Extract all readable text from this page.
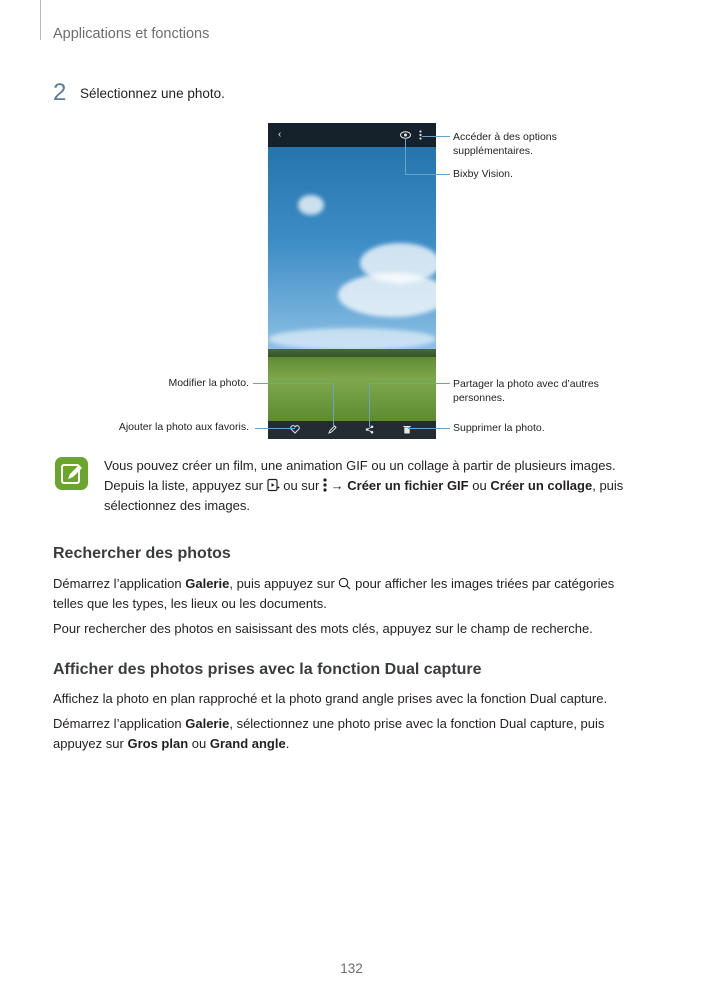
Applications et fonctions
2 Sélectionnez une photo.
‹	Accéder à des options supplémentaires.
Bixby Vision.
Modifier la photo.	Partager la photo avec d’autres personnes.
Ajouter la photo aux favoris.	Supprimer la photo.
Vous pouvez créer un film, une animation GIF ou un collage à partir de plusieurs images.
Depuis la liste, appuyez sur ou sur → Créer un fichier GIF ou Créer un collage, puis
sélectionnez des images.
Rechercher des photos
Démarrez l’application Galerie, puis appuyez sur pour afficher les images triées par catégories
telles que les types, les lieux ou les documents.
Pour rechercher des photos en saisissant des mots clés, appuyez sur le champ de recherche.
Afficher des photos prises avec la fonction Dual capture
Affichez la photo en plan rapproché et la photo grand angle prises avec la fonction Dual capture.
Démarrez l’application Galerie, sélectionnez une photo prise avec la fonction Dual capture, puis
appuyez sur Gros plan ou Grand angle.
132
